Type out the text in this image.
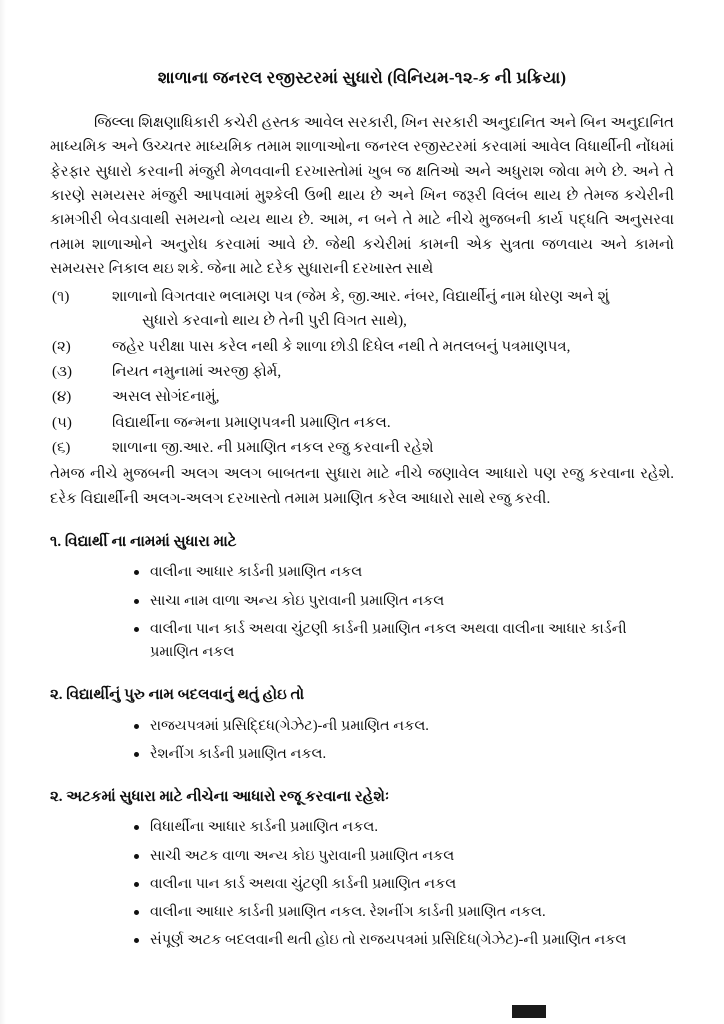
શાળાના જનરલ રજીસ્ટરમાં સુધારો (વિનિયમ-૧૨-ક ની પ્રક્રિયા)

જિલ્લા શિક્ષણાધિકારી કચેરી હસ્તક આવેલ સરકારી, ખિન સરકારી અનુદાનિત અને બિન અનુદાનિત માધ્યમિક અને ઉચ્ચતર માધ્યમિક તમામ શાળાઓના જનરલ રજીસ્ટરમાં કરવામાં આવેલ વિધાર્થીની નોંધમાં ફેરફાર સુધારો કરવાની મંજુરી મેળવવાની દરખાસ્તોમાં ખુબ જ ક્ષતિઓ અને અધુરાશ જોવા મળે છે. અને તે કારણે સમયસર મંજુરી આપવામાં મુશ્કેલી ઉભી થાય છે અને ખિન જરૂરી વિલંબ થાય છે તેમજ કચેરીની કામગીરી બેવડાવાથી સમયનો વ્યય થાય છે. આમ, ન બને તે માટે નીચે મુજબની કાર્ય પદ્ધતિ અનુસરવા તમામ શાળાઓને અનુરોધ કરવામાં આવે છે. જેથી કચેરીમાં કામની એક સુત્રતા જળવાય અને કામનો સમયસર નિકાલ થઇ શકે. જેના માટે દરેક સુધારાની દરખાસ્ત સાથે

(૧)	શાળાનો વિગતવાર ભલામણ પત્ર (જેમ કે, જી.આર. નંબર, વિદ્યાર્થીનું નામ ધોરણ અને શું
સુધારો કરવાનો થાય છે તેની પુરી વિગત સાથે),
(૨)	જહેર પરીક્ષા પાસ કરેલ નથી કે શાળા છોડી દિધેલ નથી તે મતલબનું પત્રમાણપત્ર,
(૩)	નિયત નમુનામાં અરજી ફોર્મ,
(૪)	અસલ સોગંદનામું,
(૫)	વિદ્યાર્થીના જન્મના પ્રમાણપત્રની પ્રમાણિત નકલ.
(૬)	શાળાના જી.આર. ની પ્રમાણિત નકલ રજુ કરવાની રહેશે

તેમજ નીચે મુજબની અલગ અલગ બાબતના સુધારા માટે નીચે જણાવેલ આધારો પણ રજુ કરવાના રહેશે. દરેક વિદ્યાર્થીની અલગ-અલગ દરખાસ્તો તમામ પ્રમાણિત કરેલ આધારો સાથે રજુ કરવી.

૧. વિદ્યાર્થી ના નામમાં સુધારા માટે
વાલીના આધાર કાર્ડની પ્રમાણિત નકલ
સાચા નામ વાળા અન્ય કોઇ પુરાવાની પ્રમાણિત નકલ
વાલીના પાન કાર્ડ અથવા ચુંટણી કાર્ડની પ્રમાણિત નકલ અથવા વાલીના આધાર કાર્ડની
પ્રમાણિત નકલ
૨. વિદ્યાર્થીનું પુરુ નામ બદલવાનું થતું હોઇ તો
રાજયપત્રમાં પ્રસિદ્દિધ(ગેઝેટ)-ની પ્રમાણિત નકલ.
રેશનીંગ કાર્ડની પ્રમાણિત નકલ.
૨. અટકમાં સુધારા માટે નીચેના આધારો રજૂ કરવાના રહેશેઃ
વિધાર્થીના આધાર કાર્ડની પ્રમાણિત નકલ.
સાચી અટક વાળા અન્ય કોઇ પુરાવાની પ્રમાણિત નકલ
વાલીના પાન કાર્ડ અથવા ચુંટણી કાર્ડની પ્રમાણિત નકલ
વાલીના આધાર કાર્ડની પ્રમાણિત નકલ. રેશનીંગ કાર્ડની પ્રમાણિત નકલ.
સંપૂર્ણ અટક બદલવાની થતી હોઇ તો રાજયપત્રમાં પ્રસિદિધ(ગેઝેટ)-ની પ્રમાણિત નકલ
